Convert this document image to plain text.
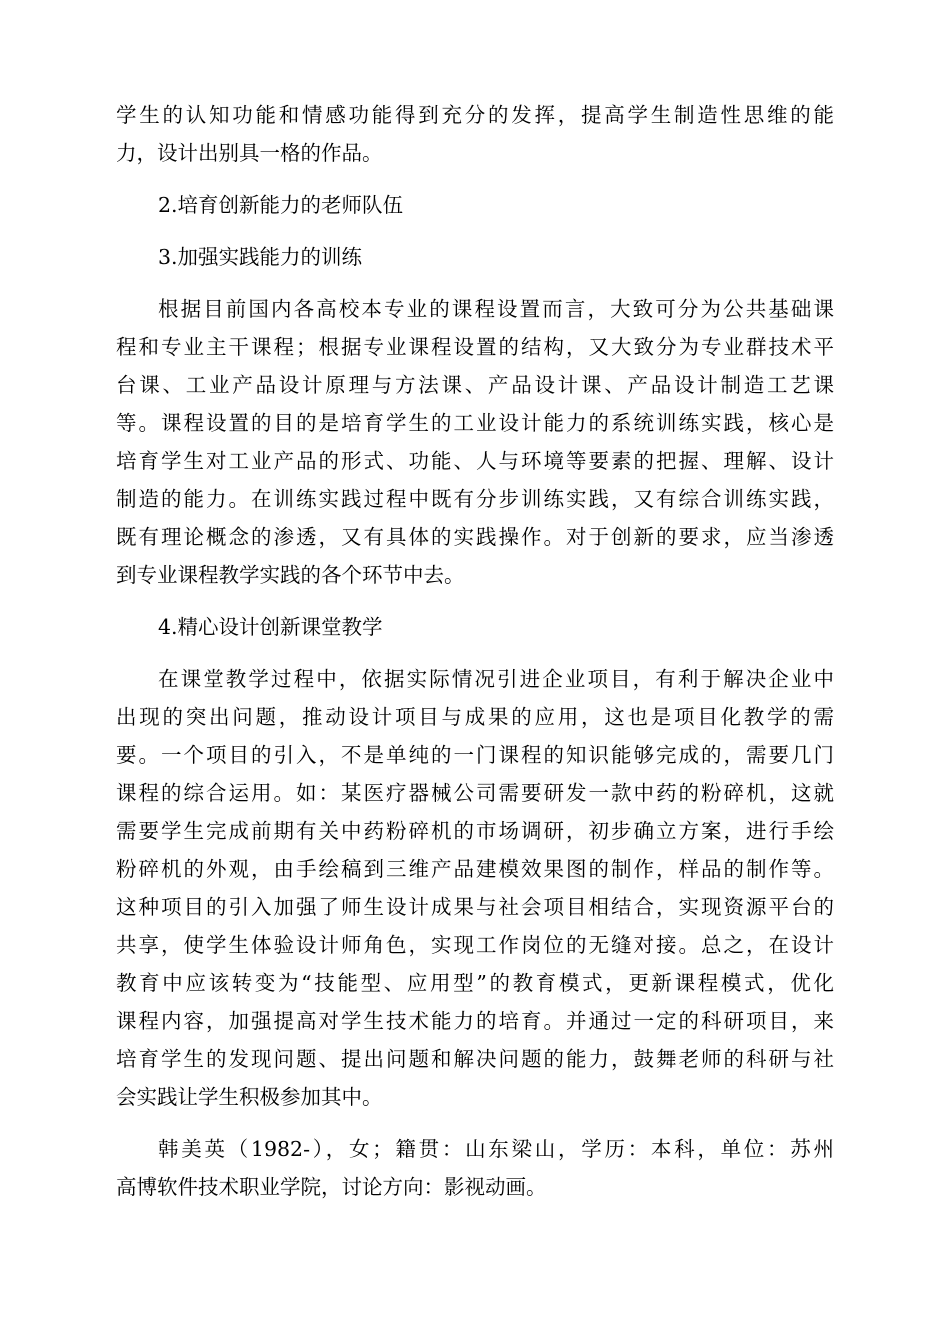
学生的认知功能和情感功能得到充分的发挥，提高学生制造性思维的能
力，设计出别具一格的作品。
2.培育创新能力的老师队伍
3.加强实践能力的训练
根据目前国内各高校本专业的课程设置而言，大致可分为公共基础课
程和专业主干课程；根据专业课程设置的结构，又大致分为专业群技术平
台课、工业产品设计原理与方法课、产品设计课、产品设计制造工艺课
等。课程设置的目的是培育学生的工业设计能力的系统训练实践，核心是
培育学生对工业产品的形式、功能、人与环境等要素的把握、理解、设计
制造的能力。在训练实践过程中既有分步训练实践，又有综合训练实践，
既有理论概念的渗透，又有具体的实践操作。对于创新的要求，应当渗透
到专业课程教学实践的各个环节中去。
4.精心设计创新课堂教学
在课堂教学过程中，依据实际情况引进企业项目，有利于解决企业中
出现的突出问题，推动设计项目与成果的应用，这也是项目化教学的需
要。一个项目的引入，不是单纯的一门课程的知识能够完成的，需要几门
课程的综合运用。如：某医疗器械公司需要研发一款中药的粉碎机，这就
需要学生完成前期有关中药粉碎机的市场调研，初步确立方案，进行手绘
粉碎机的外观，由手绘稿到三维产品建模效果图的制作，样品的制作等。
这种项目的引入加强了师生设计成果与社会项目相结合，实现资源平台的
共享，使学生体验设计师角色，实现工作岗位的无缝对接。总之，在设计
教育中应该转变为“技能型、应用型”的教育模式，更新课程模式，优化
课程内容，加强提高对学生技术能力的培育。并通过一定的科研项目，来
培育学生的发现问题、提出问题和解决问题的能力，鼓舞老师的科研与社
会实践让学生积极参加其中。
韩美英（1982-），女；籍贯：山东梁山，学历：本科，单位：苏州
高博软件技术职业学院，讨论方向：影视动画。
